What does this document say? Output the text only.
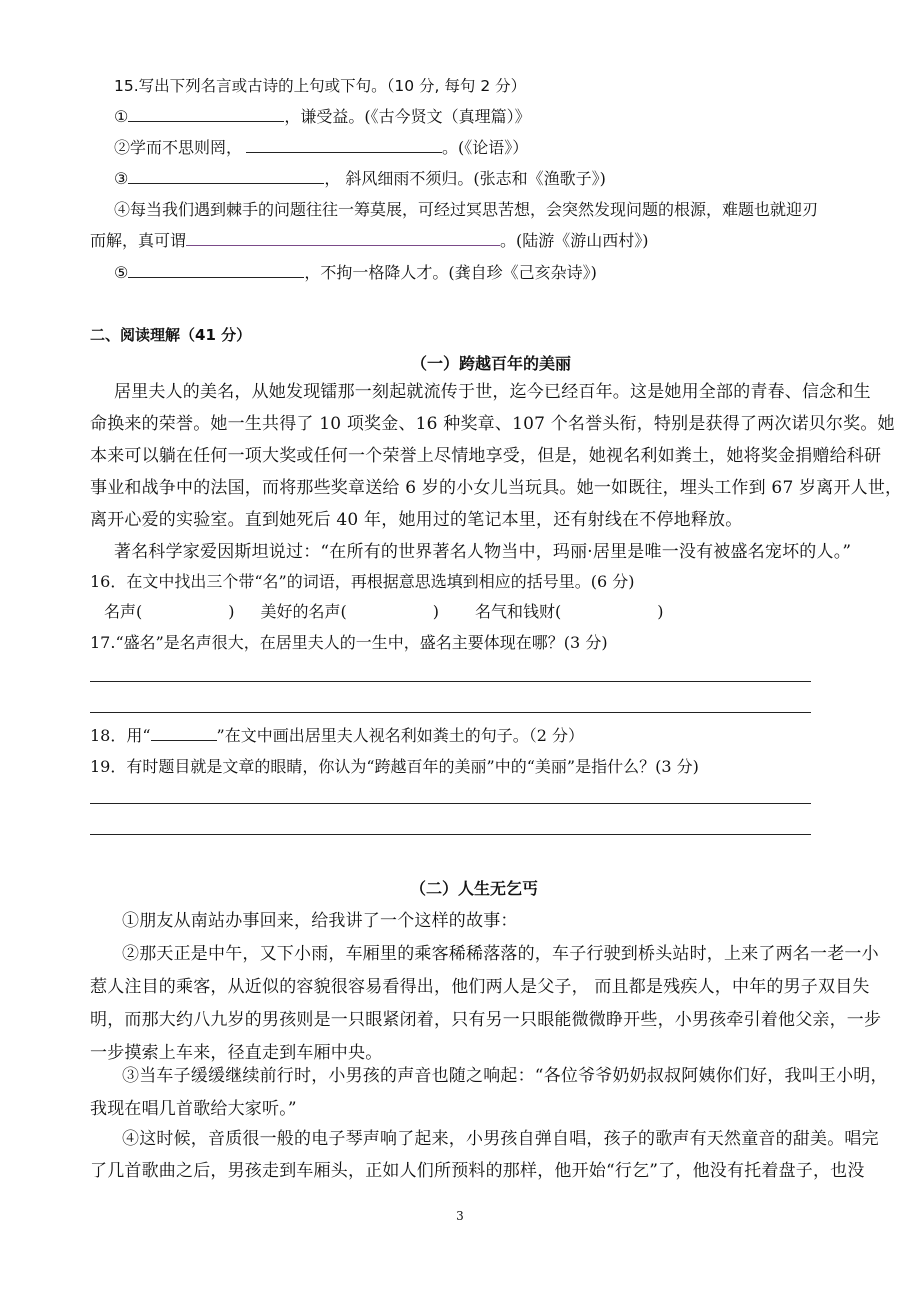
15.写出下列名言或古诗的上句或下句。（10 分, 每句 2 分）
①	，谦受益。(《古今贤文（真理篇）》
②学而不思则罔，	。(《论语》）
③	， 斜风细雨不须归。(张志和《渔歌子》)
④每当我们遇到棘手的问题往往一筹莫展，可经过冥思苦想，会突然发现问题的根源，难题也就迎刃
而解，真可谓	。(陆游《游山西村》)
⑤	，不拘一格降人才。(龚自珍《己亥杂诗》)
二、阅读理解（41 分）
（一）跨越百年的美丽
居里夫人的美名，从她发现镭那一刻起就流传于世，迄今已经百年。这是她用全部的青春、信念和生
命换来的荣誉。她一生共得了 10 项奖金、16 种奖章、107 个名誉头衔，特别是获得了两次诺贝尔奖。她
本来可以躺在任何一项大奖或任何一个荣誉上尽情地享受，但是，她视名利如粪土，她将奖金捐赠给科研
事业和战争中的法国，而将那些奖章送给 6 岁的小女儿当玩具。她一如既往，埋头工作到 67 岁离开人世，
离开心爱的实验室。直到她死后 40 年，她用过的笔记本里，还有射线在不停地释放。
著名科学家爱因斯坦说过：“在所有的世界著名人物当中，玛丽·居里是唯一没有被盛名宠坏的人。”
16．在文中找出三个带“名”的词语，再根据意思选填到相应的括号里。(6 分)
名声(	) 美好的名声(	) 名气和钱财(	)
17.“盛名”是名声很大，在居里夫人的一生中，盛名主要体现在哪？(3 分)
18．用“	”在文中画出居里夫人视名利如粪土的句子。（2 分）
19．有时题目就是文章的眼睛，你认为“跨越百年的美丽”中的“美丽”是指什么？(3 分)
（二）人生无乞丐
①朋友从南站办事回来，给我讲了一个这样的故事：
②那天正是中午，又下小雨，车厢里的乘客稀稀落落的，车子行驶到桥头站时，上来了两名一老一小
惹人注目的乘客，从近似的容貌很容易看得出，他们两人是父子， 而且都是残疾人，中年的男子双目失
明，而那大约八九岁的男孩则是一只眼紧闭着，只有另一只眼能微微睁开些，小男孩牵引着他父亲，一步
一步摸索上车来，径直走到车厢中央。
③当车子缓缓继续前行时，小男孩的声音也随之响起：“各位爷爷奶奶叔叔阿姨你们好，我叫王小明，
我现在唱几首歌给大家听。”
④这时候，音质很一般的电子琴声响了起来，小男孩自弹自唱，孩子的歌声有天然童音的甜美。唱完
了几首歌曲之后，男孩走到车厢头，正如人们所预料的那样，他开始“行乞”了，他没有托着盘子，也没
3
